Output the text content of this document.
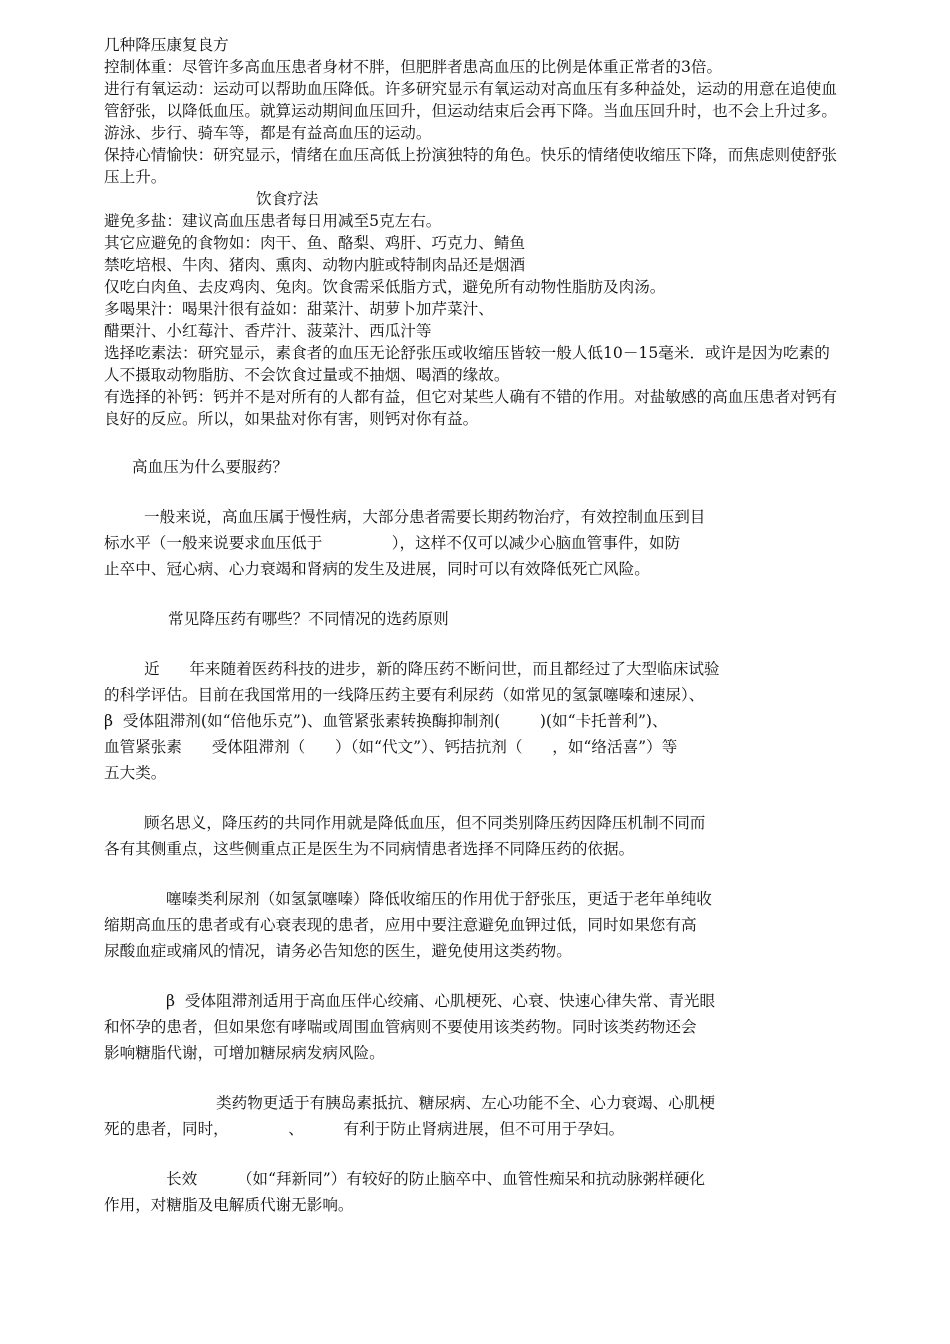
几种降压康复良方

控制体重：尽管许多高血压患者身材不胖，但肥胖者患高血压的比例是体重正常者的3倍。

进行有氧运动：运动可以帮助血压降低。许多研究显示有氧运动对高血压有多种益处，运动的用意在追使血管舒张，以降低血压。就算运动期间血压回升，但运动结束后会再下降。当血压回升时，也不会上升过多。游泳、步行、骑车等，都是有益高血压的运动。

保持心情愉快：研究显示，情绪在血压高低上扮演独特的角色。快乐的情绪使收缩压下降，而焦虑则使舒张压上升。

饮食疗法

避免多盐：建议高血压患者每日用减至5克左右。

其它应避免的食物如：肉干、鱼、酪梨、鸡肝、巧克力、鲭鱼

禁吃培根、牛肉、猪肉、熏肉、动物内脏或特制肉品还是烟酒

仅吃白肉鱼、去皮鸡肉、兔肉。饮食需采低脂方式，避免所有动物性脂肪及肉汤。

多喝果汁：喝果汁很有益如：甜菜汁、胡萝卜加芹菜汁、

醋栗汁、小红莓汁、香芹汁、菠菜汁、西瓜汁等

选择吃素法：研究显示，素食者的血压无论舒张压或收缩压皆较一般人低10－15毫米．或许是因为吃素的人不摄取动物脂肪、不会饮食过量或不抽烟、喝酒的缘故。

有选择的补钙：钙并不是对所有的人都有益，但它对某些人确有不错的作用。对盐敏感的高血压患者对钙有良好的反应。所以，如果盐对你有害，则钙对你有益。

高血压为什么要服药？

一般来说，高血压属于慢性病，大部分患者需要长期药物治疗，有效控制血压到目
标水平（一般来说要求血压低于              ），这样不仅可以减少心脑血管事件，如防
止卒中、冠心病、心力衰竭和肾病的发生及进展，同时可以有效降低死亡风险。

常见降压药有哪些？不同情况的选药原则

近      年来随着医药科技的进步，新的降压药不断问世，而且都经过了大型临床试验
的科学评估。目前在我国常用的一线降压药主要有利尿药（如常见的氢氯噻嗪和速尿）、
β  受体阻滞剂(如“倍他乐克”)、血管紧张素转换酶抑制剂(        )(如“卡托普利”)、
血管紧张素      受体阻滞剂（      ）（如“代文”）、钙拮抗剂（      ，如“络活喜”）等
五大类。
顾名思义，降压药的共同作用就是降低血压，但不同类别降压药因降压机制不同而
各有其侧重点，这些侧重点正是医生为不同病情患者选择不同降压药的依据。
噻嗪类利尿剂（如氢氯噻嗪）降低收缩压的作用优于舒张压，更适于老年单纯收
缩期高血压的患者或有心衰表现的患者，应用中要注意避免血钾过低，同时如果您有高
尿酸血症或痛风的情况，请务必告知您的医生，避免使用这类药物。
β  受体阻滞剂适用于高血压伴心绞痛、心肌梗死、心衰、快速心律失常、青光眼
和怀孕的患者，但如果您有哮喘或周围血管病则不要使用该类药物。同时该类药物还会
影响糖脂代谢，可增加糖尿病发病风险。
类药物更适于有胰岛素抵抗、糖尿病、左心功能不全、心力衰竭、心肌梗
死的患者，同时，            、        有利于防止肾病进展，但不可用于孕妇。
长效        （如“拜新同”）有较好的防止脑卒中、血管性痴呆和抗动脉粥样硬化
作用，对糖脂及电解质代谢无影响。
